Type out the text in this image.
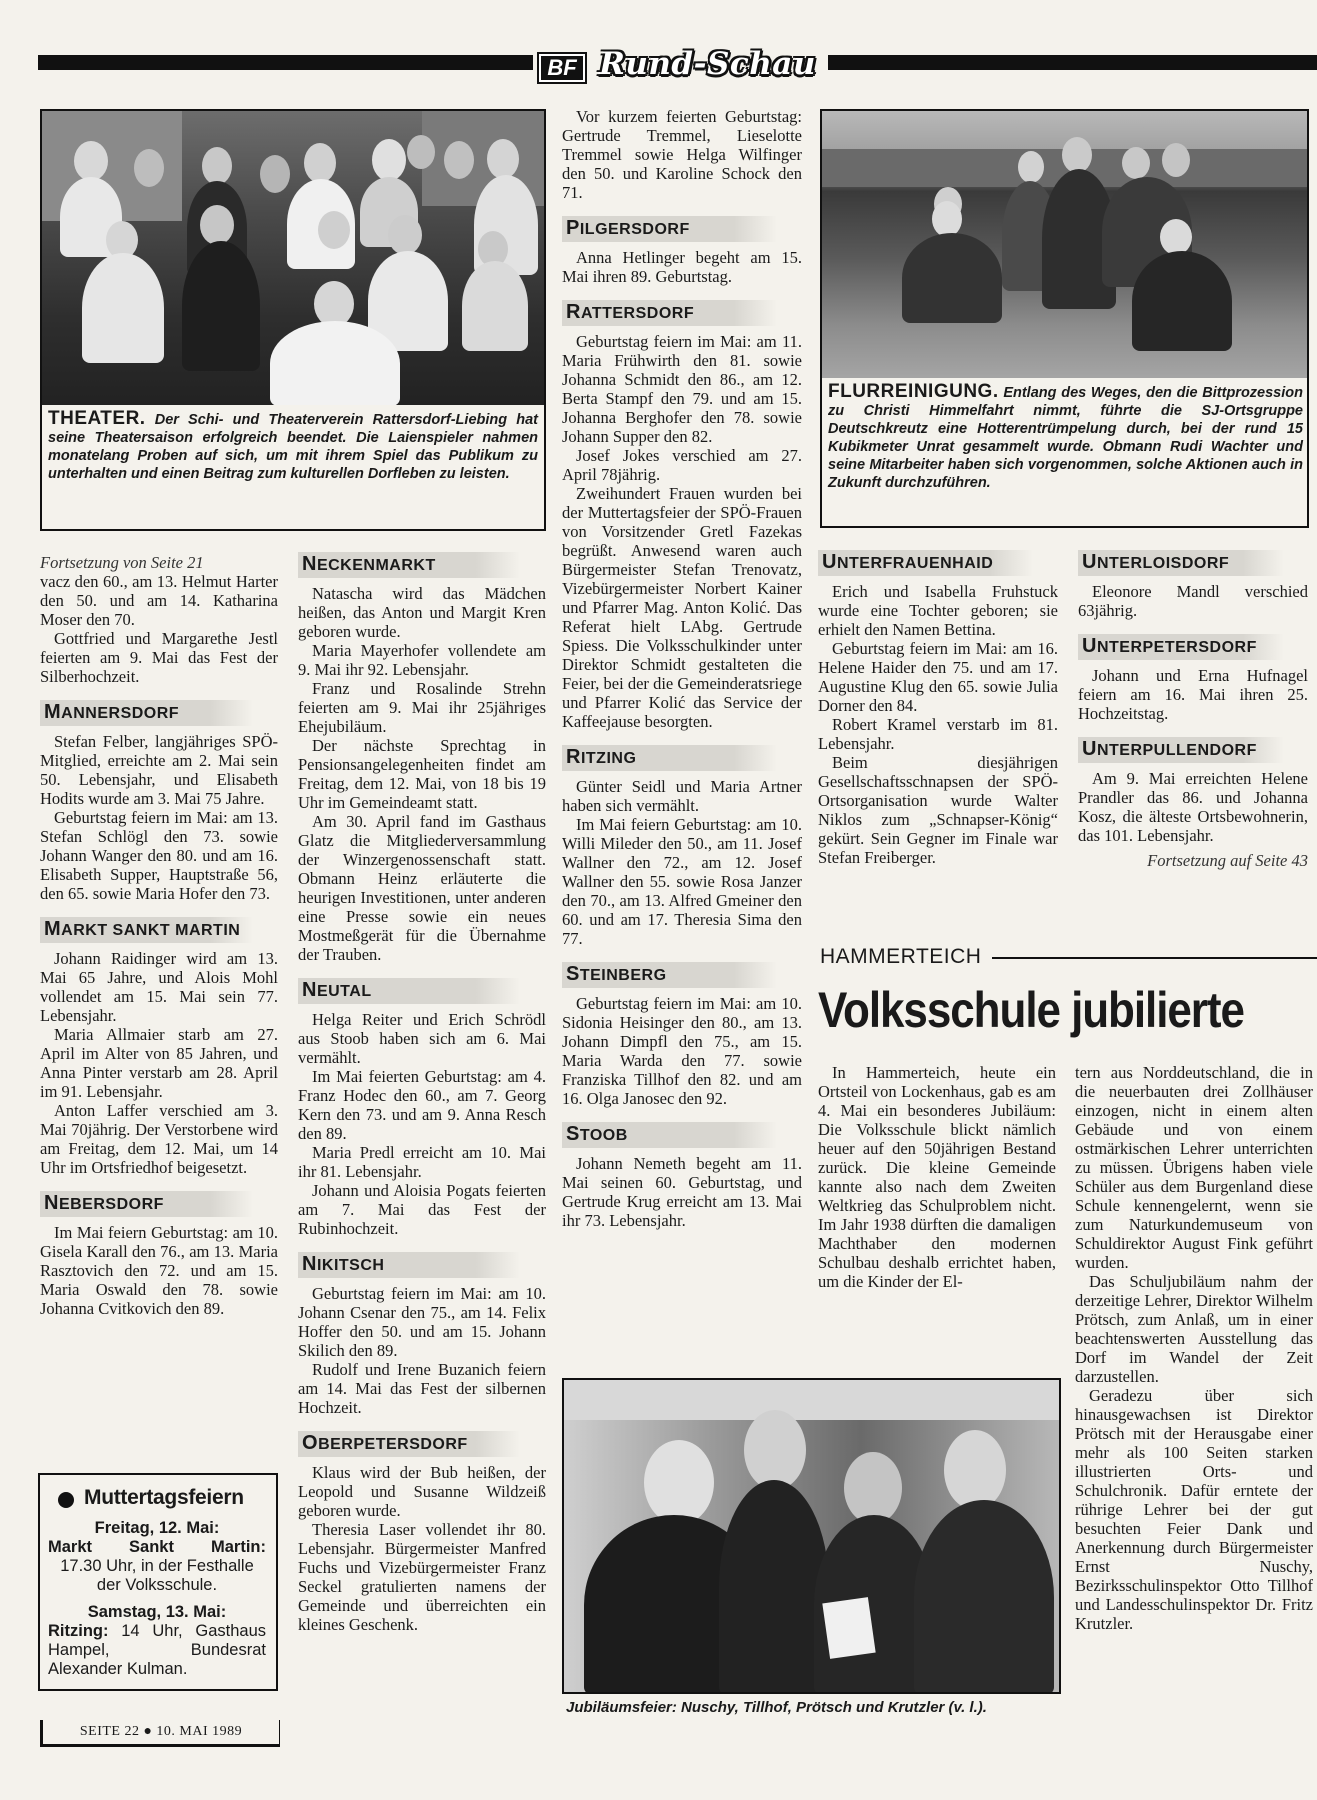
BF Rund-Schau
THEATER. Der Schi- und Theaterverein Rattersdorf-Liebing hat seine Theatersaison erfolgreich beendet. Die Laienspieler nahmen monatelang Proben auf sich, um mit ihrem Spiel das Publikum zu unterhalten und einen Beitrag zum kulturellen Dorfleben zu leisten.
FLURREINIGUNG. Entlang des Weges, den die Bittprozession zu Christi Himmelfahrt nimmt, führte die SJ-Ortsgruppe Deutschkreutz eine Hotterentrümpelung durch, bei der rund 15 Kubikmeter Unrat gesammelt wurde. Obmann Rudi Wachter und seine Mitarbeiter haben sich vorgenommen, solche Aktionen auch in Zukunft durchzuführen.

Fortsetzung von Seite 21

vacz den 60., am 13. Helmut Harter den 50. und am 14. Katharina Moser den 70.

Gottfried und Margarethe Jestl feierten am 9. Mai das Fest der Silberhochzeit.

MANNERSDORF

Stefan Felber, langjähriges SPÖ-Mitglied, erreichte am 2. Mai sein 50. Lebensjahr, und Elisabeth Hodits wurde am 3. Mai 75 Jahre.

Geburtstag feiern im Mai: am 13. Stefan Schlögl den 73. sowie Johann Wanger den 80. und am 16. Elisabeth Supper, Hauptstraße 56, den 65. sowie Maria Hofer den 73.

MARKT SANKT MARTIN

Johann Raidinger wird am 13. Mai 65 Jahre, und Alois Mohl vollendet am 15. Mai sein 77. Lebensjahr.

Maria Allmaier starb am 27. April im Alter von 85 Jahren, und Anna Pinter verstarb am 28. April im 91. Lebensjahr.

Anton Laffer verschied am 3. Mai 70jährig. Der Verstorbene wird am Freitag, dem 12. Mai, um 14 Uhr im Ortsfriedhof beigesetzt.

NEBERSDORF

Im Mai feiern Geburtstag: am 10. Gisela Karall den 76., am 13. Maria Rasztovich den 72. und am 15. Maria Oswald den 78. sowie Johanna Cvitkovich den 89.

Muttertagsfeiern
Freitag, 12. Mai:
Markt Sankt Martin:
17.30 Uhr, in der Festhalle der Volksschule.
Samstag, 13. Mai:
Ritzing: 14 Uhr, Gasthaus Hampel, Bundesrat Alexander Kulman.
SEITE 22 ● 10. MAI 1989
NECKENMARKT

Natascha wird das Mädchen heißen, das Anton und Margit Kren geboren wurde.

Maria Mayerhofer vollendete am 9. Mai ihr 92. Lebensjahr.

Franz und Rosalinde Strehn feierten am 9. Mai ihr 25jähriges Ehejubiläum.

Der nächste Sprechtag in Pensionsangelegenheiten findet am Freitag, dem 12. Mai, von 18 bis 19 Uhr im Gemeindeamt statt.

Am 30. April fand im Gasthaus Glatz die Mitgliederversammlung der Winzergenossenschaft statt. Obmann Heinz erläuterte die heurigen Investitionen, unter anderen eine Presse sowie ein neues Mostmeßgerät für die Übernahme der Trauben.

NEUTAL

Helga Reiter und Erich Schrödl aus Stoob haben sich am 6. Mai vermählt.

Im Mai feierten Geburtstag: am 4. Franz Hodec den 60., am 7. Georg Kern den 73. und am 9. Anna Resch den 89.

Maria Predl erreicht am 10. Mai ihr 81. Lebensjahr.

Johann und Aloisia Pogats feierten am 7. Mai das Fest der Rubinhochzeit.

NIKITSCH

Geburtstag feiern im Mai: am 10. Johann Csenar den 75., am 14. Felix Hoffer den 50. und am 15. Johann Skilich den 89.

Rudolf und Irene Buzanich feiern am 14. Mai das Fest der silbernen Hochzeit.

OBERPETERSDORF

Klaus wird der Bub heißen, der Leopold und Susanne Wildzeiß geboren wurde.

Theresia Laser vollendet ihr 80. Lebensjahr. Bürgermeister Manfred Fuchs und Vizebürgermeister Franz Seckel gratulierten namens der Gemeinde und überreichten ein kleines Geschenk.

Vor kurzem feierten Geburtstag: Gertrude Tremmel, Lieselotte Tremmel sowie Helga Wilfinger den 50. und Karoline Schock den 71.

PILGERSDORF

Anna Hetlinger begeht am 15. Mai ihren 89. Geburtstag.

RATTERSDORF

Geburtstag feiern im Mai: am 11. Maria Frühwirth den 81. sowie Johanna Schmidt den 86., am 12. Berta Stampf den 79. und am 15. Johanna Berghofer den 78. sowie Johann Supper den 82.

Josef Jokes verschied am 27. April 78jährig.

Zweihundert Frauen wurden bei der Muttertagsfeier der SPÖ-Frauen von Vorsitzender Gretl Fazekas begrüßt. Anwesend waren auch Bürgermeister Stefan Trenovatz, Vizebürgermeister Norbert Kainer und Pfarrer Mag. Anton Kolić. Das Referat hielt LAbg. Gertrude Spiess. Die Volksschulkinder unter Direktor Schmidt gestalteten die Feier, bei der die Gemeinderatsriege und Pfarrer Kolić das Service der Kaffeejause besorgten.

RITZING

Günter Seidl und Maria Artner haben sich vermählt.

Im Mai feiern Geburtstag: am 10. Willi Mileder den 50., am 11. Josef Wallner den 72., am 12. Josef Wallner den 55. sowie Rosa Janzer den 70., am 13. Alfred Gmeiner den 60. und am 17. Theresia Sima den 77.

STEINBERG

Geburtstag feiern im Mai: am 10. Sidonia Heisinger den 80., am 13. Johann Dimpfl den 75., am 15. Maria Warda den 77. sowie Franziska Tillhof den 82. und am 16. Olga Janosec den 92.

STOOB

Johann Nemeth begeht am 11. Mai seinen 60. Geburtstag, und Gertrude Krug erreicht am 13. Mai ihr 73. Lebensjahr.

UNTERFRAUENHAID

Erich und Isabella Fruhstuck wurde eine Tochter geboren; sie erhielt den Namen Bettina.

Geburtstag feiern im Mai: am 16. Helene Haider den 75. und am 17. Augustine Klug den 65. sowie Julia Dorner den 84.

Robert Kramel verstarb im 81. Lebensjahr.

Beim diesjährigen Gesellschaftsschnapsen der SPÖ-Ortsorganisation wurde Walter Niklos zum „Schnapser-König“ gekürt. Sein Gegner im Finale war Stefan Freiberger.

UNTERLOISDORF

Eleonore Mandl verschied 63jährig.

UNTERPETERSDORF

Johann und Erna Hufnagel feiern am 16. Mai ihren 25. Hochzeitstag.

UNTERPULLENDORF

Am 9. Mai erreichten Helene Prandler das 86. und Johanna Kosz, die älteste Ortsbewohnerin, das 101. Lebensjahr.

Fortsetzung auf Seite 43

HAMMERTEICH
Volksschule jubilierte

In Hammerteich, heute ein Ortsteil von Lockenhaus, gab es am 4. Mai ein besonderes Jubiläum: Die Volksschule blickt nämlich heuer auf den 50jährigen Bestand zurück. Die kleine Gemeinde kannte also nach dem Zweiten Weltkrieg das Schulproblem nicht. Im Jahr 1938 dürften die damaligen Machthaber den modernen Schulbau deshalb errichtet haben, um die Kinder der El-

tern aus Norddeutschland, die in die neuerbauten drei Zollhäuser einzogen, nicht in einem alten Gebäude und von einem ostmärkischen Lehrer unterrichten zu müssen. Übrigens haben viele Schüler aus dem Burgenland diese Schule kennengelernt, wenn sie zum Naturkundemuseum von Schuldirektor August Fink geführt wurden.

Das Schuljubiläum nahm der derzeitige Lehrer, Direktor Wilhelm Prötsch, zum Anlaß, um in einer beachtenswerten Ausstellung das Dorf im Wandel der Zeit darzustellen.

Geradezu über sich hinausgewachsen ist Direktor Prötsch mit der Herausgabe einer mehr als 100 Seiten starken illustrierten Orts- und Schulchronik. Dafür erntete der rührige Lehrer bei der gut besuchten Feier Dank und Anerkennung durch Bürgermeister Ernst Nuschy, Bezirksschulinspektor Otto Tillhof und Landesschulinspektor Dr. Fritz Krutzler.

Jubiläumsfeier: Nuschy, Tillhof, Prötsch und Krutzler (v. l.).
